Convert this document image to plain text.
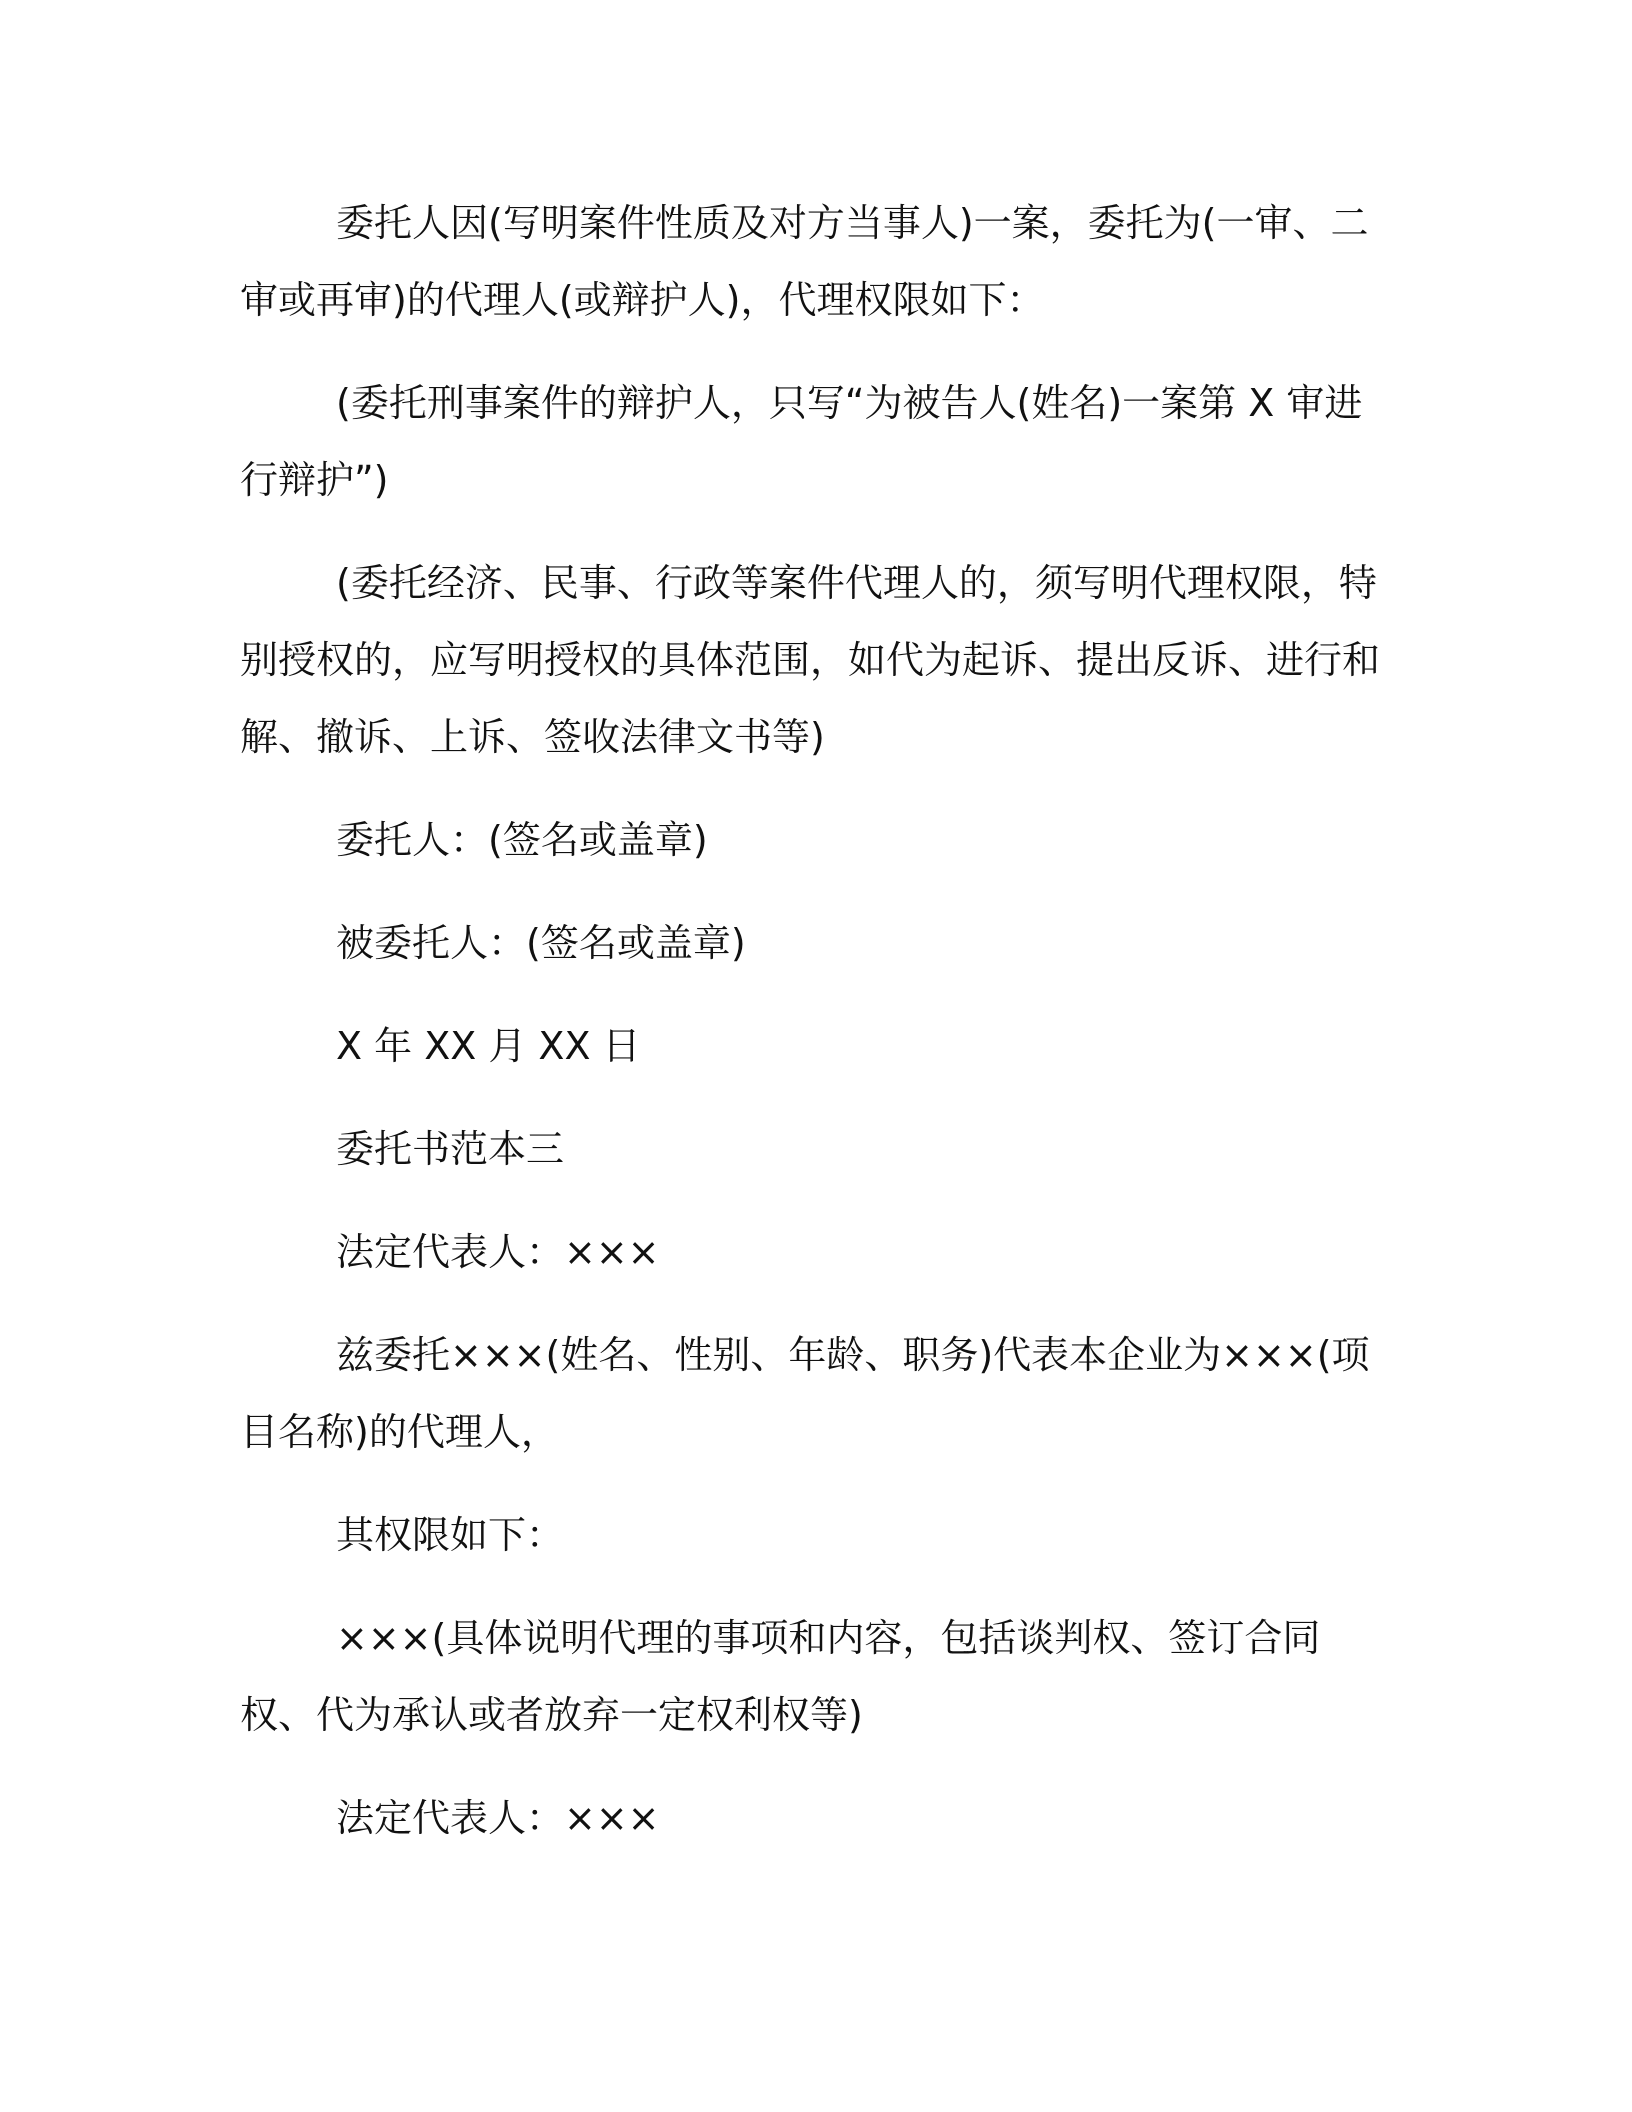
委托人因(写明案件性质及对方当事人)一案，委托为(一审、二审或再审)的代理人(或辩护人)，代理权限如下：

(委托刑事案件的辩护人，只写“为被告人(姓名)一案第 X 审进行辩护”)

(委托经济、民事、行政等案件代理人的，须写明代理权限，特别授权的，应写明授权的具体范围，如代为起诉、提出反诉、进行和解、撤诉、上诉、签收法律文书等)

委托人：(签名或盖章)

被委托人：(签名或盖章)

X 年 XX 月 XX 日

委托书范本三

法定代表人：×××

兹委托×××(姓名、性别、年龄、职务)代表本企业为×××(项目名称)的代理人，

其权限如下：

×××(具体说明代理的事项和内容，包括谈判权、签订合同权、代为承认或者放弃一定权利权等)

法定代表人：×××
